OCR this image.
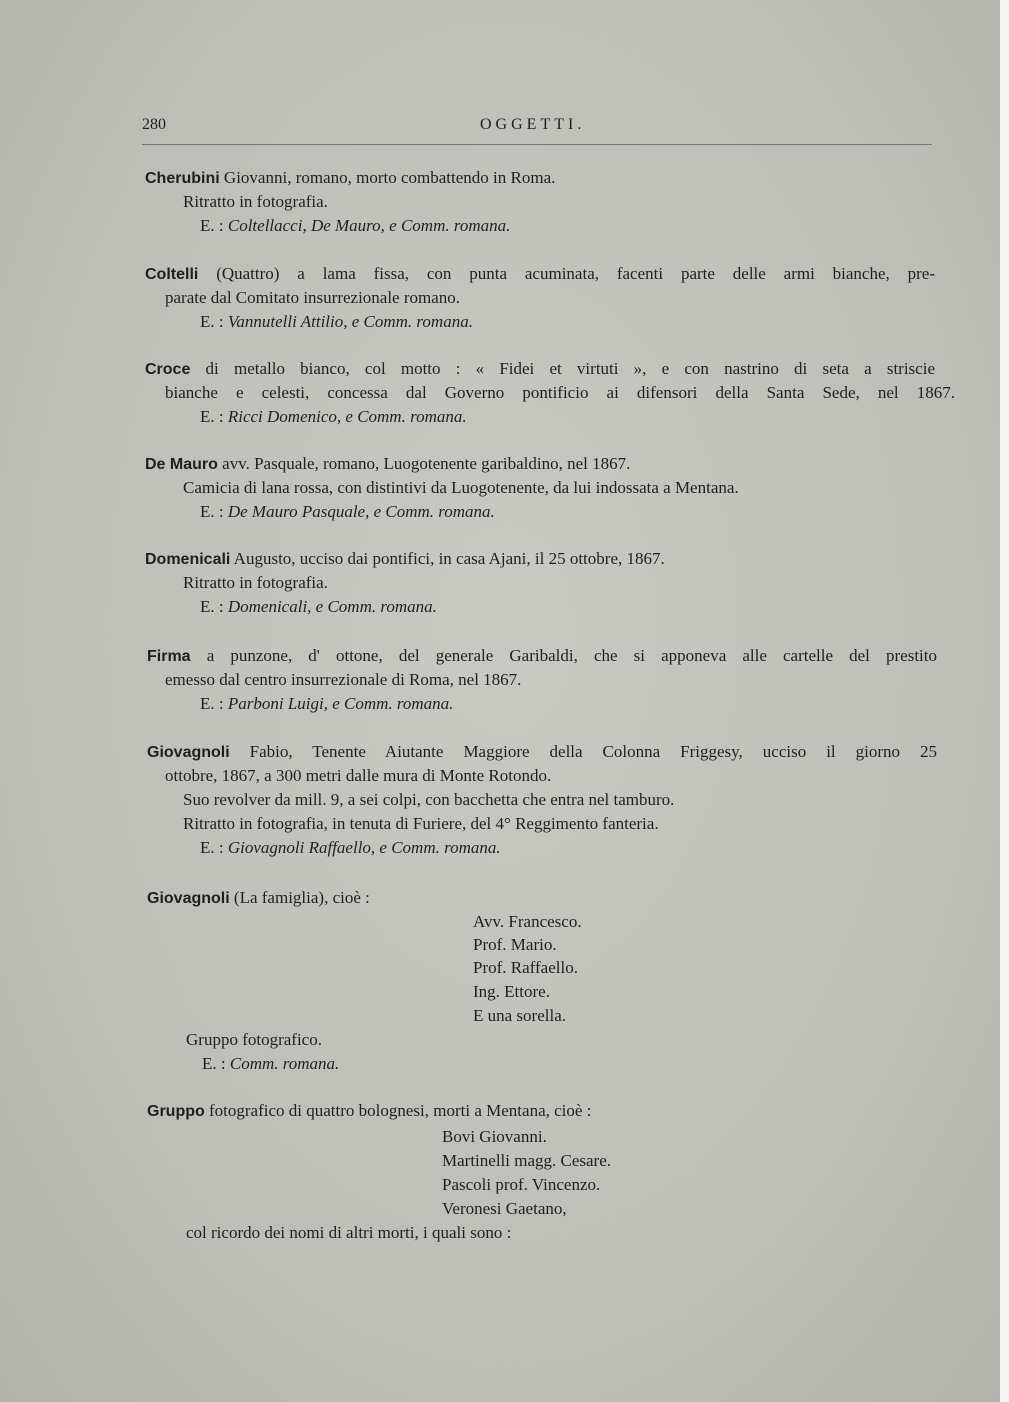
280	OGGETTI.
Cherubini Giovanni, romano, morto combattendo in Roma.
Ritratto in fotografia.
E. : Coltellacci, De Mauro, e Comm. romana.
Coltelli (Quattro) a lama fissa, con punta acuminata, facenti parte delle armi bianche, pre-
parate dal Comitato insurrezionale romano.
E. : Vannutelli Attilio, e Comm. romana.
Croce di metallo bianco, col motto : « Fidei et virtuti », e con nastrino di seta a striscie
bianche e celesti, concessa dal Governo pontificio ai difensori della Santa Sede, nel 1867.
E. : Ricci Domenico, e Comm. romana.
De Mauro avv. Pasquale, romano, Luogotenente garibaldino, nel 1867.
Camicia di lana rossa, con distintivi da Luogotenente, da lui indossata a Mentana.
E. : De Mauro Pasquale, e Comm. romana.
Domenicali Augusto, ucciso dai pontifici, in casa Ajani, il 25 ottobre, 1867.
Ritratto in fotografia.
E. : Domenicali, e Comm. romana.
Firma a punzone, d' ottone, del generale Garibaldi, che si apponeva alle cartelle del prestito
emesso dal centro insurrezionale di Roma, nel 1867.
E. : Parboni Luigi, e Comm. romana.
Giovagnoli Fabio, Tenente Aiutante Maggiore della Colonna Friggesy, ucciso il giorno 25
ottobre, 1867, a 300 metri dalle mura di Monte Rotondo.
Suo revolver da mill. 9, a sei colpi, con bacchetta che entra nel tamburo.
Ritratto in fotografia, in tenuta di Furiere, del 4° Reggimento fanteria.
E. : Giovagnoli Raffaello, e Comm. romana.
Giovagnoli (La famiglia), cioè :
Avv. Francesco.
Prof. Mario.
Prof. Raffaello.
Ing. Ettore.
E una sorella.
Gruppo fotografico.
E. : Comm. romana.
Gruppo fotografico di quattro bolognesi, morti a Mentana, cioè :
Bovi Giovanni.
Martinelli magg. Cesare.
Pascoli prof. Vincenzo.
Veronesi Gaetano,
col ricordo dei nomi di altri morti, i quali sono :
